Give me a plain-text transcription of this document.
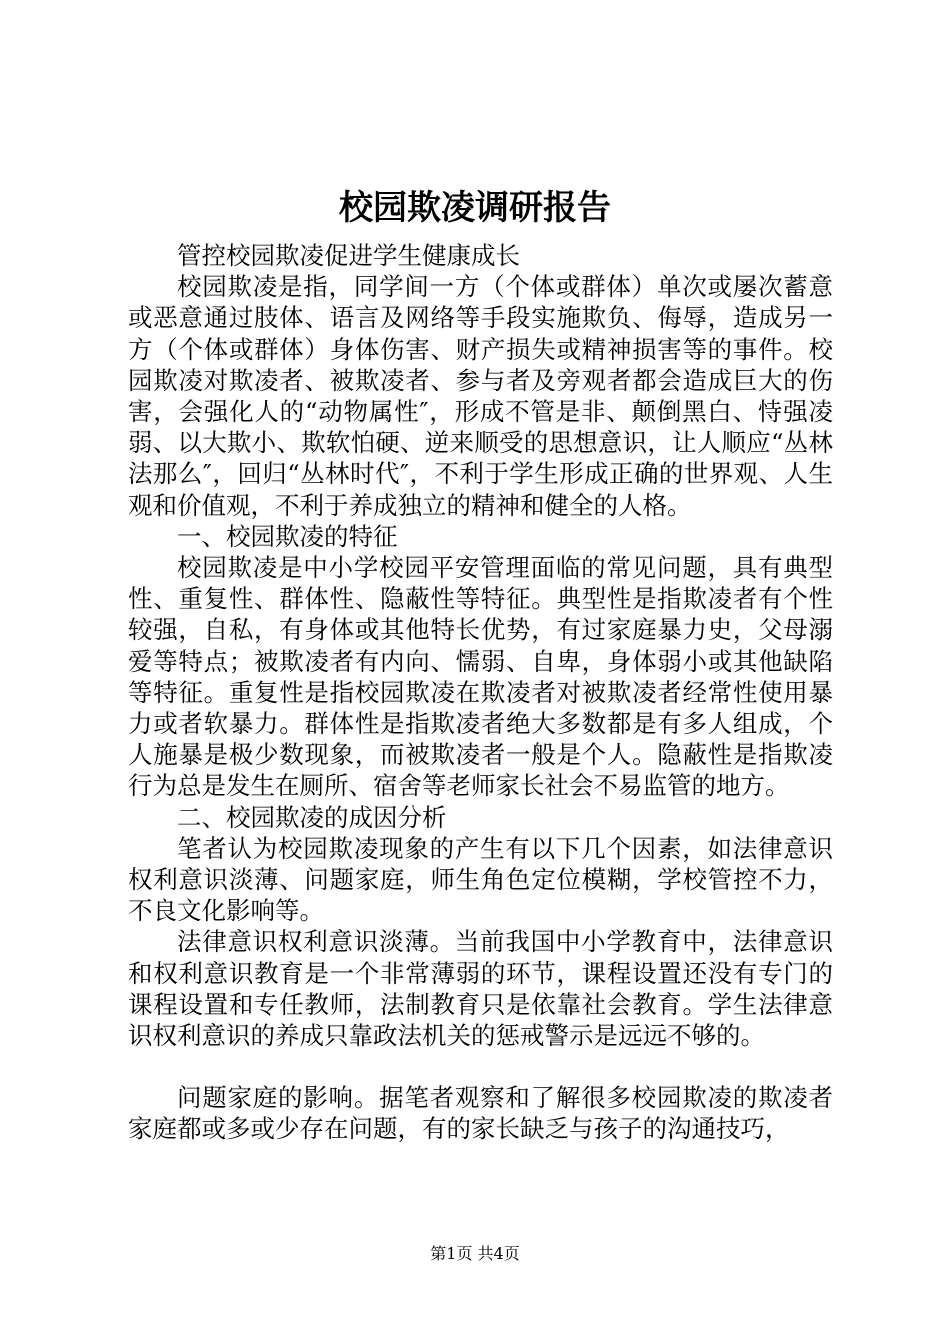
校园欺凌调研报告

管控校园欺凌促进学生健康成长

校园欺凌是指，同学间一方（个体或群体）单次或屡次蓄意或恶意通过肢体、语言及网络等手段实施欺负、侮辱，造成另一方（个体或群体）身体伤害、财产损失或精神损害等的事件。校园欺凌对欺凌者、被欺凌者、参与者及旁观者都会造成巨大的伤害，会强化人的“动物属性″，形成不管是非、颠倒黑白、恃强凌弱、以大欺小、欺软怕硬、逆来顺受的思想意识，让人顺应“丛林法那么″，回归“丛林时代″，不利于学生形成正确的世界观、人生观和价值观，不利于养成独立的精神和健全的人格。

一、校园欺凌的特征

校园欺凌是中小学校园平安管理面临的常见问题，具有典型性、重复性、群体性、隐蔽性等特征。典型性是指欺凌者有个性较强，自私，有身体或其他特长优势，有过家庭暴力史，父母溺爱等特点；被欺凌者有内向、懦弱、自卑，身体弱小或其他缺陷等特征。重复性是指校园欺凌在欺凌者对被欺凌者经常性使用暴力或者软暴力。群体性是指欺凌者绝大多数都是有多人组成，个人施暴是极少数现象，而被欺凌者一般是个人。隐蔽性是指欺凌行为总是发生在厕所、宿舍等老师家长社会不易监管的地方。

二、校园欺凌的成因分析

笔者认为校园欺凌现象的产生有以下几个因素，如法律意识权利意识淡薄、问题家庭，师生角色定位模糊，学校管控不力，不良文化影响等。

法律意识权利意识淡薄。当前我国中小学教育中，法律意识和权利意识教育是一个非常薄弱的环节，课程设置还没有专门的课程设置和专任教师，法制教育只是依靠社会教育。学生法律意识权利意识的养成只靠政法机关的惩戒警示是远远不够的。

问题家庭的影响。据笔者观察和了解很多校园欺凌的欺凌者家庭都或多或少存在问题，有的家长缺乏与孩子的沟通技巧，

第1页 共4页
